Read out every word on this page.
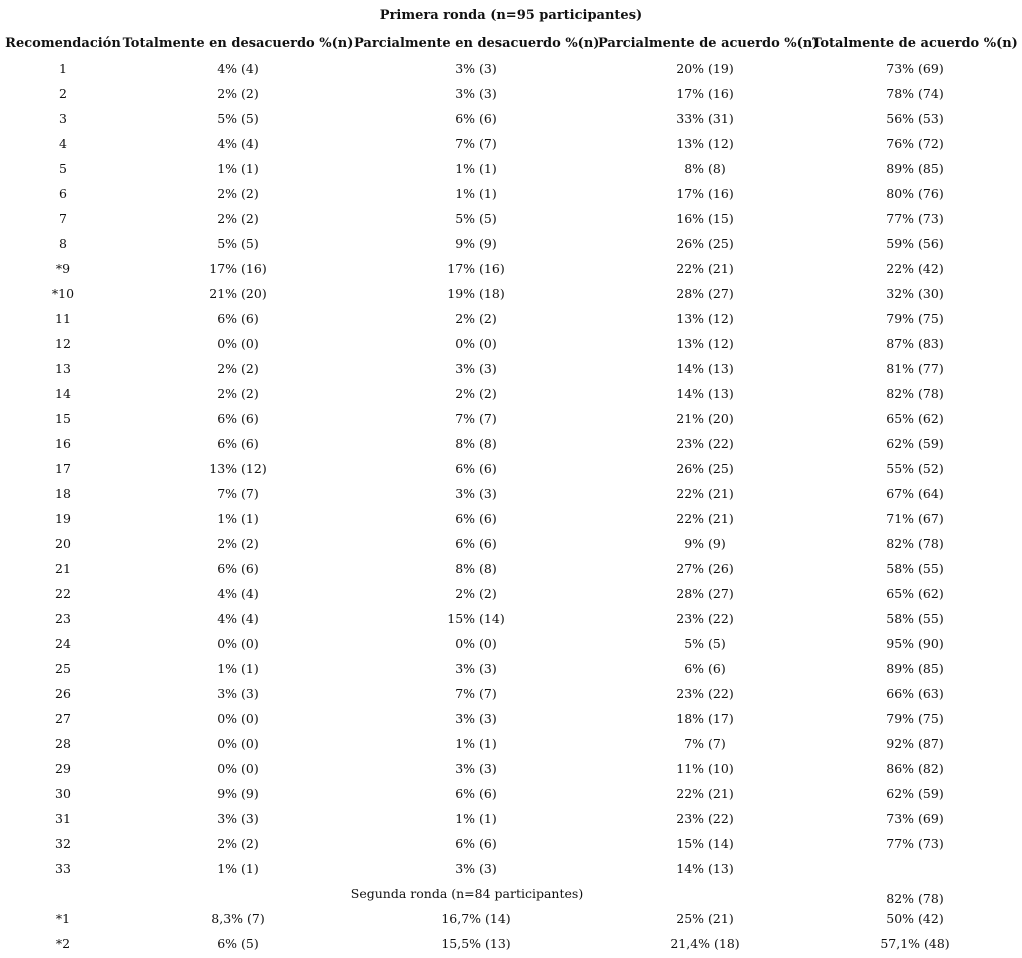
Primera ronda (n=95 participantes)
Recomendación	Totalmente en desacuerdo %(n)	Parcialmente en desacuerdo %(n)	Parcialmente de acuerdo %(n)	Totalmente de acuerdo %(n)
1	4% (4)	3% (3)	20% (19)	73% (69)
2	2% (2)	3% (3)	17% (16)	78% (74)
3	5% (5)	6% (6)	33% (31)	56% (53)
4	4% (4)	7% (7)	13% (12)	76% (72)
5	1% (1)	1% (1)	8% (8)	89% (85)
6	2% (2)	1% (1)	17% (16)	80% (76)
7	2% (2)	5% (5)	16% (15)	77% (73)
8	5% (5)	9% (9)	26% (25)	59% (56)
*9	17% (16)	17% (16)	22% (21)	22% (42)
*10	21% (20)	19% (18)	28% (27)	32% (30)
11	6% (6)	2% (2)	13% (12)	79% (75)
12	0% (0)	0% (0)	13% (12)	87% (83)
13	2% (2)	3% (3)	14% (13)	81% (77)
14	2% (2)	2% (2)	14% (13)	82% (78)
15	6% (6)	7% (7)	21% (20)	65% (62)
16	6% (6)	8% (8)	23% (22)	62% (59)
17	13% (12)	6% (6)	26% (25)	55% (52)
18	7% (7)	3% (3)	22% (21)	67% (64)
19	1% (1)	6% (6)	22% (21)	71% (67)
20	2% (2)	6% (6)	9% (9)	82% (78)
21	6% (6)	8% (8)	27% (26)	58% (55)
22	4% (4)	2% (2)	28% (27)	65% (62)
23	4% (4)	15% (14)	23% (22)	58% (55)
24	0% (0)	0% (0)	5% (5)	95% (90)
25	1% (1)	3% (3)	6% (6)	89% (85)
26	3% (3)	7% (7)	23% (22)	66% (63)
27	0% (0)	3% (3)	18% (17)	79% (75)
28	0% (0)	1% (1)	7% (7)	92% (87)
29	0% (0)	3% (3)	11% (10)	86% (82)
30	9% (9)	6% (6)	22% (21)	62% (59)
31	3% (3)	1% (1)	23% (22)	73% (69)
32	2% (2)	6% (6)	15% (14)	77% (73)
33	1% (1)	3% (3)	14% (13)	82% (78)
Segunda ronda (n=84 participantes)				
*1	8,3% (7)	16,7% (14)	25% (21)	50% (42)
*2	6% (5)	15,5% (13)	21,4% (18)	57,1% (48)
